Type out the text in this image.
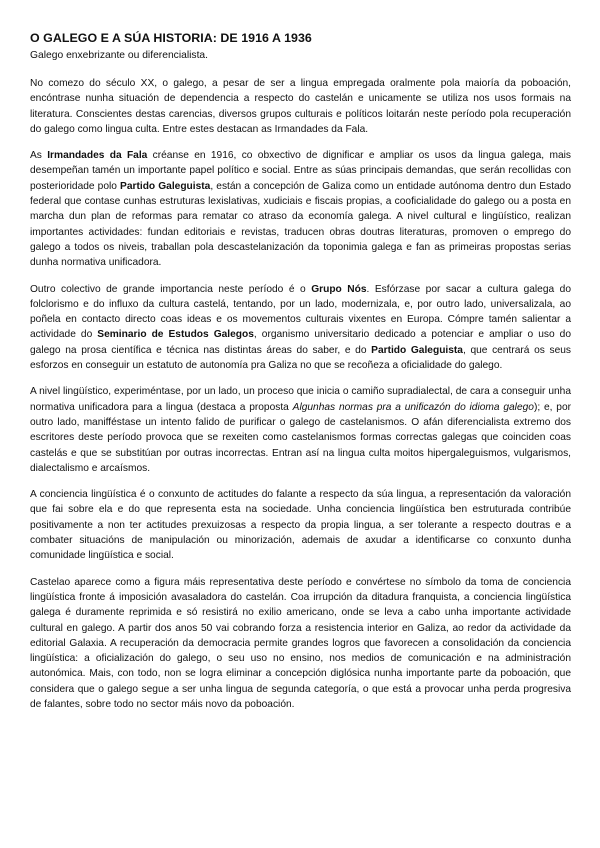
O GALEGO E A SÚA HISTORIA: DE 1916 A 1936
Galego enxebrizante ou diferencialista.

No comezo do século XX, o galego, a pesar de ser a lingua empregada oralmente pola maioría da poboación, encóntrase nunha situación de dependencia a respecto do castelán e unicamente se utiliza nos usos formais na literatura. Conscientes destas carencias, diversos grupos culturais e políticos loitarán neste período pola recuperación do galego como lingua culta. Entre estes destacan as Irmandades da Fala.

As Irmandades da Fala créanse en 1916, co obxectivo de dignificar e ampliar os usos da lingua galega, mais desempeñan tamén un importante papel político e social. Entre as súas principais demandas, que serán recollidas con posterioridade polo Partido Galeguista, están a concepción de Galiza como un entidade autónoma dentro dun Estado federal que contase cunhas estruturas lexislativas, xudiciais e fiscais propias, a cooficialidade do galego ou a posta en marcha dun plan de reformas para rematar co atraso da economía galega. A nivel cultural e lingüístico, realizan importantes actividades: fundan editoriais e revistas, traducen obras doutras literaturas, promoven o emprego do galego a todos os niveis, traballan pola descastelanización da toponimia galega e fan as primeiras propostas serias dunha normativa unificadora.

Outro colectivo de grande importancia neste período é o Grupo Nós. Esfórzase por sacar a cultura galega do folclorismo e do influxo da cultura castelá, tentando, por un lado, modernizala, e, por outro lado, universalizala, ao poñela en contacto directo coas ideas e os movementos culturais vixentes en Europa. Cómpre tamén salientar a actividade do Seminario de Estudos Galegos, organismo universitario dedicado a potenciar e ampliar o uso do galego na prosa científica e técnica nas distintas áreas do saber, e do Partido Galeguista, que centrará os seus esforzos en conseguir un estatuto de autonomía pra Galiza no que se recoñeza a oficialidade do galego.

A nivel lingüístico, experiméntase, por un lado, un proceso que inicia o camiño supradialectal, de cara a conseguir unha normativa unificadora para a lingua (destaca a proposta Algunhas normas pra a unificazón do idioma galego); e, por outro lado, manifféstase un intento falido de purificar o galego de castelanismos. O afán diferencialista extremo dos escritores deste período provoca que se rexeiten como castelanismos formas correctas galegas que coinciden coas castelás e que se substitúan por outras incorrectas. Entran así na lingua culta moitos hipergaleguismos, vulgarismos, dialectalismo e arcaísmos.

A conciencia lingüística é o conxunto de actitudes do falante a respecto da súa lingua, a representación da valoración que fai sobre ela e do que representa esta na sociedade. Unha conciencia lingüística ben estruturada contribúe positivamente a non ter actitudes prexuizosas a respecto da propia lingua, a ser tolerante a respecto doutras e a combater situacións de manipulación ou minorización, ademais de axudar a identificarse co conxunto dunha comunidade lingüística e social.

Castelao aparece como a figura máis representativa deste período e convértese no símbolo da toma de conciencia lingüística fronte á imposición avasaladora do castelán. Coa irrupción da ditadura franquista, a conciencia lingüística galega é duramente reprimida e só resistirá no exilio americano, onde se leva a cabo unha importante actividade cultural en galego. A partir dos anos 50 vai cobrando forza a resistencia interior en Galiza, ao redor da actividade da editorial Galaxia. A recuperación da democracia permite grandes logros que favorecen a consolidación da conciencia lingüística: a oficialización do galego, o seu uso no ensino, nos medios de comunicación e na administración autonómica. Mais, con todo, non se logra eliminar a concepción diglósica nunha importante parte da poboación, que considera que o galego segue a ser unha lingua de segunda categoría, o que está a provocar unha perda progresiva de falantes, sobre todo no sector máis novo da poboación.
